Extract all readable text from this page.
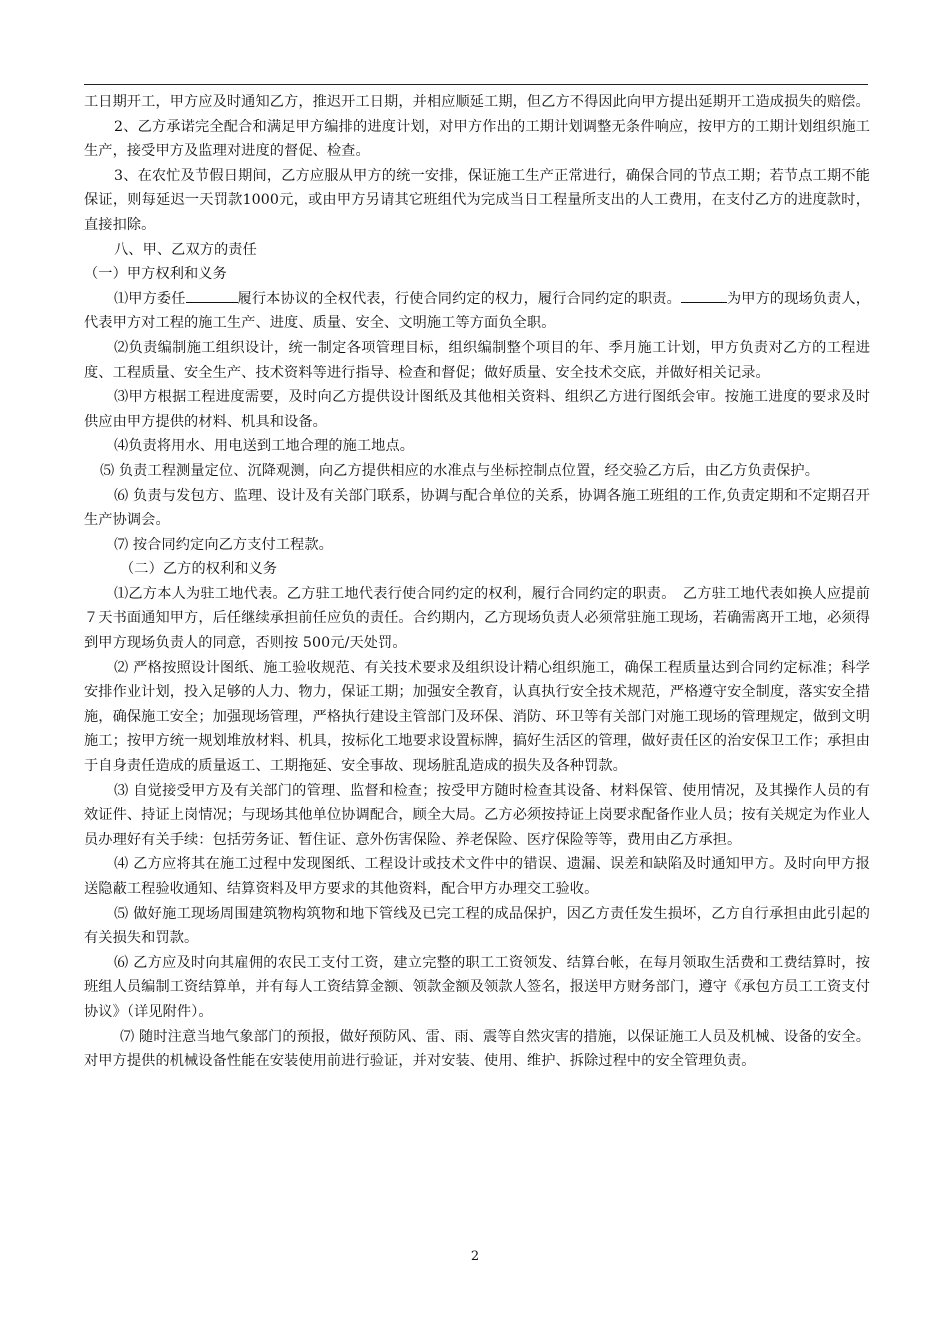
工日期开工，甲方应及时通知乙方，推迟开工日期，并相应顺延工期，但乙方不得因此向甲方提出延期开工造成损失的赔偿。

2、乙方承诺完全配合和满足甲方编排的进度计划，对甲方作出的工期计划调整无条件响应，按甲方的工期计划组织施工生产，接受甲方及监理对进度的督促、检查。

3、在农忙及节假日期间，乙方应服从甲方的统一安排，保证施工生产正常进行，确保合同的节点工期；若节点工期不能保证，则每延迟一天罚款1000元，或由甲方另请其它班组代为完成当日工程量所支出的人工费用，在支付乙方的进度款时，直接扣除。

八、甲、乙双方的责任

（一）甲方权利和义务

⑴甲方委任	履行本协议的全权代表，行使合同约定的权力，履行合同约定的职责。	为甲方的现场负责人，代表甲方对工程的施工生产、进度、质量、安全、文明施工等方面负全职。

⑵负责编制施工组织设计，统一制定各项管理目标，组织编制整个项目的年、季月施工计划，甲方负责对乙方的工程进度、工程质量、安全生产、技术资料等进行指导、检查和督促；做好质量、安全技术交底，并做好相关记录。

⑶甲方根据工程进度需要，及时向乙方提供设计图纸及其他相关资料、组织乙方进行图纸会审。按施工进度的要求及时供应由甲方提供的材料、机具和设备。

⑷负责将用水、用电送到工地合理的施工地点。

⑸ 负责工程测量定位、沉降观测，向乙方提供相应的水准点与坐标控制点位置，经交验乙方后，由乙方负责保护。

⑹ 负责与发包方、监理、设计及有关部门联系，协调与配合单位的关系，协调各施工班组的工作,负责定期和不定期召开生产协调会。

⑺ 按合同约定向乙方支付工程款。

（二）乙方的权利和义务

⑴乙方本人为驻工地代表。乙方驻工地代表行使合同约定的权利，履行合同约定的职责。　乙方驻工地代表如换人应提前７天书面通知甲方，后任继续承担前任应负的责任。合约期内，乙方现场负责人必须常驻施工现场，若确需离开工地，必须得到甲方现场负责人的同意，否则按 500元/天处罚。

⑵ 严格按照设计图纸、施工验收规范、有关技术要求及组织设计精心组织施工，确保工程质量达到合同约定标准；科学安排作业计划，投入足够的人力、物力，保证工期；加强安全教育，认真执行安全技术规范，严格遵守安全制度，落实安全措施，确保施工安全；加强现场管理，严格执行建设主管部门及环保、消防、环卫等有关部门对施工现场的管理规定，做到文明施工；按甲方统一规划堆放材料、机具，按标化工地要求设置标牌，搞好生活区的管理，做好责任区的治安保卫工作；承担由于自身责任造成的质量返工、工期拖延、安全事故、现场脏乱造成的损失及各种罚款。

⑶ 自觉接受甲方及有关部门的管理、监督和检查；按受甲方随时检查其设备、材料保管、使用情况，及其操作人员的有效证件、持证上岗情况；与现场其他单位协调配合，顾全大局。乙方必须按持证上岗要求配备作业人员；按有关规定为作业人员办理好有关手续：包括劳务证、暂住证、意外伤害保险、养老保险、医疗保险等等，费用由乙方承担。

⑷ 乙方应将其在施工过程中发现图纸、工程设计或技术文件中的错误、遗漏、误差和缺陷及时通知甲方。及时向甲方报送隐蔽工程验收通知、结算资料及甲方要求的其他资料，配合甲方办理交工验收。

⑸ 做好施工现场周围建筑物构筑物和地下管线及已完工程的成品保护，因乙方责任发生损坏，乙方自行承担由此引起的有关损失和罚款。

⑹ 乙方应及时向其雇佣的农民工支付工资，建立完整的职工工资领发、结算台帐，在每月领取生活费和工费结算时，按班组人员编制工资结算单，并有每人工资结算金额、领款金额及领款人签名，报送甲方财务部门，遵守《承包方员工工资支付协议》（详见附件）。

⑺ 随时注意当地气象部门的预报，做好预防风、雷、雨、震等自然灾害的措施，以保证施工人员及机械、设备的安全。对甲方提供的机械设备性能在安装使用前进行验证，并对安装、使用、维护、拆除过程中的安全管理负责。

2
